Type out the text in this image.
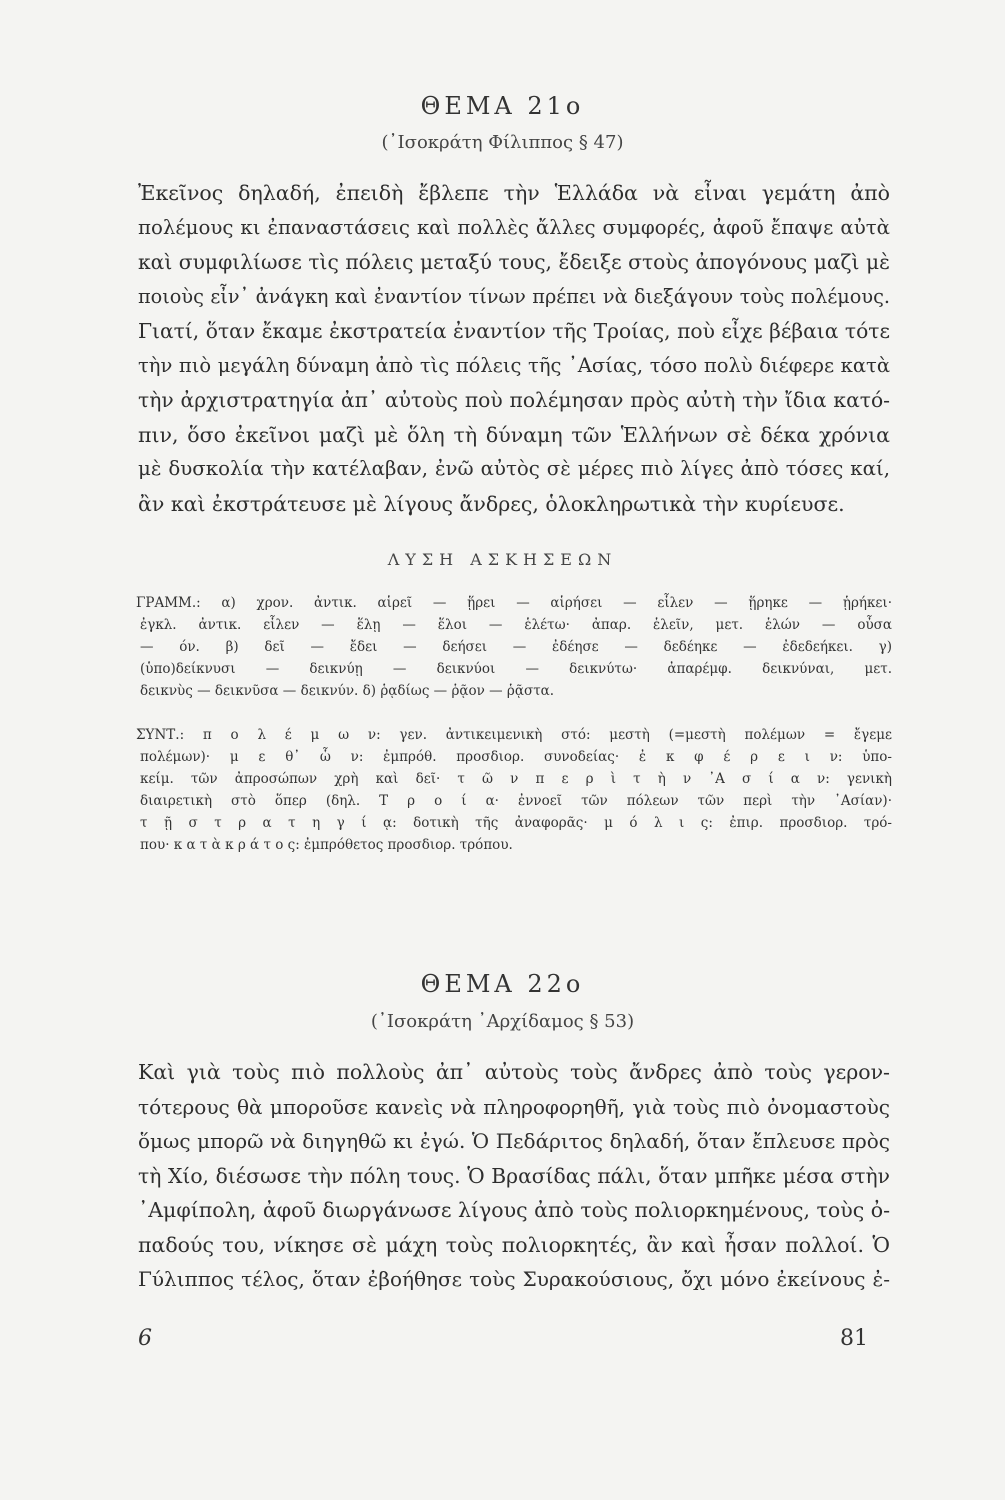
ΘΕΜΑ 21ο
(᾿Ισοκράτη Φίλιππος § 47)
Ἐκεῖνος δηλαδή, ἐπειδὴ ἔβλεπε τὴν Ἑλλάδα νὰ εἶναι γεμάτη ἀπὸ
πολέμους κι ἐπαναστάσεις καὶ πολλὲς ἄλλες συμφορές, ἀφοῦ ἔπαψε αὐτὰ
καὶ συμφιλίωσε τὶς πόλεις μεταξύ τους, ἔδειξε στοὺς ἀπογόνους μαζὶ μὲ
ποιοὺς εἶν᾿ ἀνάγκη καὶ ἐναντίον τίνων πρέπει νὰ διεξάγουν τοὺς πολέμους.
Γιατί, ὅταν ἔκαμε ἐκστρατεία ἐναντίον τῆς Τροίας, ποὺ εἶχε βέβαια τότε
τὴν πιὸ μεγάλη δύναμη ἀπὸ τὶς πόλεις τῆς ᾿Ασίας, τόσο πολὺ διέφερε κατὰ
τὴν ἀρχιστρατηγία ἀπ᾿ αὐτοὺς ποὺ πολέμησαν πρὸς αὐτὴ τὴν ἴδια κατό-
πιν, ὅσο ἐκεῖνοι μαζὶ μὲ ὅλη τὴ δύναμη τῶν Ἑλλήνων σὲ δέκα χρόνια
μὲ δυσκολία τὴν κατέλαβαν, ἐνῶ αὐτὸς σὲ μέρες πιὸ λίγες ἀπὸ τόσες καί,
ἂν καὶ ἐκστράτευσε μὲ λίγους ἄνδρες, ὁλοκληρωτικὰ τὴν κυρίευσε.
ΛΥΣΗ ΑΣΚΗΣΕΩΝ
ΓΡΑΜΜ.: α) χρον. ἀντικ. αἱρεῖ — ᾕρει — αἱρήσει — εἷλεν — ᾕρηκε — ᾑρήκει·
ἐγκλ. ἀντικ. εἷλεν — ἕλῃ — ἕλοι — ἑλέτω· ἀπαρ. ἑλεῖν, μετ. ἑλών — οὖσα
— όν. β) δεῖ — ἔδει — δεήσει — ἐδέησε — δεδέηκε — ἐδεδεήκει. γ)
(ὑπο)δείκνυσι — δεικνύῃ — δεικνύοι — δεικνύτω· ἀπαρέμφ. δεικνύναι, μετ.
δεικνὺς — δεικνῦσα — δεικνύν. δ) ῥᾳδίως — ῥᾷον — ῥᾷστα.
ΣΥΝΤ.: π ο λ έ μ ω ν: γεν. ἀντικειμενικὴ στό: μεστὴ (=μεστὴ πολέμων = ἔγεμε
πολέμων)· μ ε θ᾿ ὧ ν: ἐμπρόθ. προσδιορ. συνοδείας· ἐ κ φ έ ρ ε ι ν: ὑπο-
κείμ. τῶν ἀπροσώπων χρὴ καὶ δεῖ· τ ῶ ν π ε ρ ὶ τ ὴ ν ᾿Α σ ί α ν: γενικὴ
διαιρετικὴ στὸ ὅπερ (δηλ. Τ ρ ο ί α· ἐννοεῖ τῶν πόλεων τῶν περὶ τὴν ᾿Ασίαν)·
τ ῇ σ τ ρ α τ η γ ί ᾳ: δοτικὴ τῆς ἀναφορᾶς· μ ό λ ι ς: ἐπιρ. προσδιορ. τρό-
που· κ α τ ὰ κ ρ ά τ ο ς: ἐμπρόθετος προσδιορ. τρόπου.
ΘΕΜΑ 22ο
(᾿Ισοκράτη ᾿Αρχίδαμος § 53)
Καὶ γιὰ τοὺς πιὸ πολλοὺς ἀπ᾿ αὐτοὺς τοὺς ἄνδρες ἀπὸ τοὺς γερον-
τότερους θὰ μποροῦσε κανεὶς νὰ πληροφορηθῆ, γιὰ τοὺς πιὸ ὀνομαστοὺς
ὅμως μπορῶ νὰ διηγηθῶ κι ἐγώ. Ὁ Πεδάριτος δηλαδή, ὅταν ἔπλευσε πρὸς
τὴ Χίο, διέσωσε τὴν πόλη τους. Ὁ Βρασίδας πάλι, ὅταν μπῆκε μέσα στὴν
᾿Αμφίπολη, ἀφοῦ διωργάνωσε λίγους ἀπὸ τοὺς πολιορκημένους, τοὺς ὀ-
παδούς του, νίκησε σὲ μάχη τοὺς πολιορκητές, ἂν καὶ ἦσαν πολλοί. Ὁ
Γύλιππος τέλος, ὅταν ἐβοήθησε τοὺς Συρακούσιους, ὄχι μόνο ἐκείνους ἐ-
6	81
